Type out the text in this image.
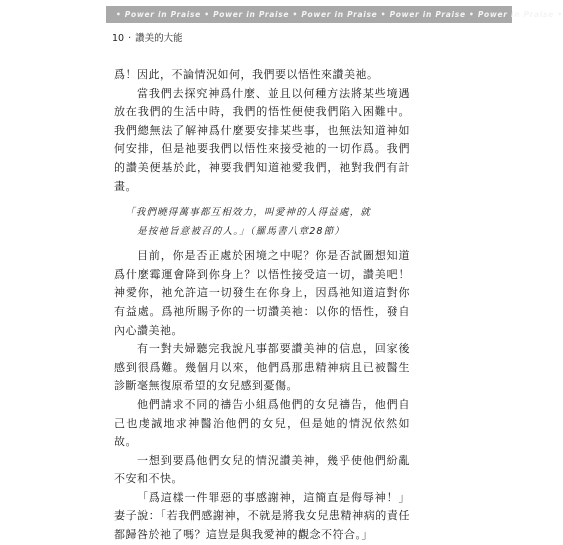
• Power in Praise • Power in Praise • Power in Praise • Power in Praise • Power in Praise •
10 · 讚美的大能

爲！因此，不論情況如何，我們要以悟性來讚美祂。

當我們去探究神爲什麼、並且以何種方法將某些境遇放在我們的生活中時，我們的悟性便使我們陷入困難中。我們總無法了解神爲什麼要安排某些事，也無法知道神如何安排，但是祂要我們以悟性來接受祂的一切作爲。我們的讚美便基於此，神要我們知道祂愛我們，祂對我們有計畫。

「我們曉得萬事都互相效力，叫愛神的人得益處，就
是按祂旨意被召的人。」（羅馬書八章28節）

目前，你是否正處於困境之中呢？你是否試圖想知道爲什麼霉運會降到你身上？以悟性接受這一切，讚美吧！神愛你，祂允許這一切發生在你身上，因爲祂知道這對你有益處。爲祂所賜予你的一切讚美祂：以你的悟性，發自內心讚美祂。

有一對夫婦聽完我說凡事都要讚美神的信息，回家後感到很爲難。幾個月以來，他們爲那患精神病且已被醫生診斷毫無復原希望的女兒感到憂傷。

他們請求不同的禱告小組爲他們的女兒禱告，他們自己也虔誠地求神醫治他們的女兒，但是她的情況依然如故。

一想到要爲他們女兒的情況讚美神，幾乎使他們紛亂不安和不快。

「爲這樣一件罪惡的事感謝神，這簡直是侮辱神！」妻子說：「若我們感謝神，不就是將我女兒患精神病的責任都歸咎於祂了嗎？這豈是與我愛神的觀念不符合。」
